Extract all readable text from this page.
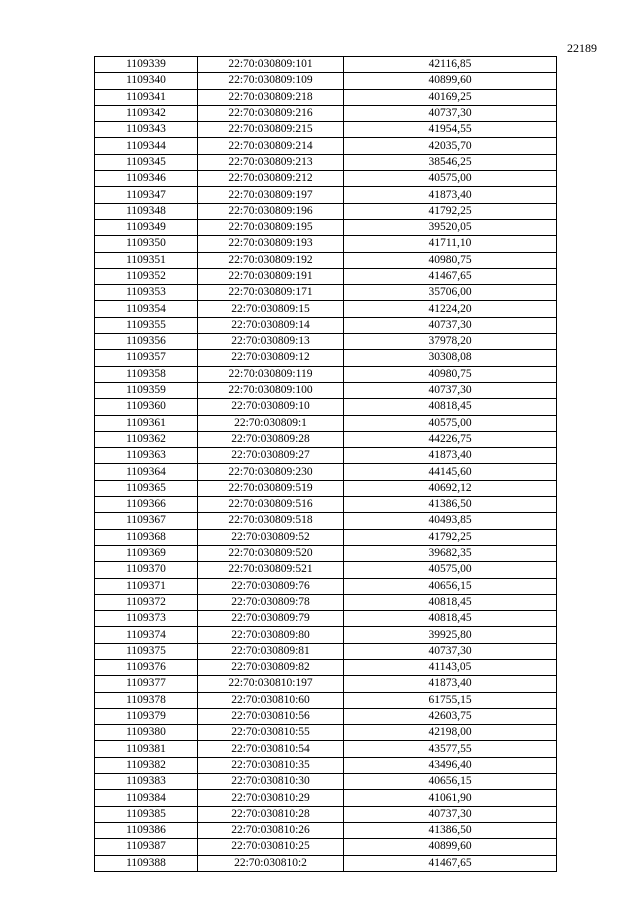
22189
1109339	22:70:030809:101	42116,85
1109340	22:70:030809:109	40899,60
1109341	22:70:030809:218	40169,25
1109342	22:70:030809:216	40737,30
1109343	22:70:030809:215	41954,55
1109344	22:70:030809:214	42035,70
1109345	22:70:030809:213	38546,25
1109346	22:70:030809:212	40575,00
1109347	22:70:030809:197	41873,40
1109348	22:70:030809:196	41792,25
1109349	22:70:030809:195	39520,05
1109350	22:70:030809:193	41711,10
1109351	22:70:030809:192	40980,75
1109352	22:70:030809:191	41467,65
1109353	22:70:030809:171	35706,00
1109354	22:70:030809:15	41224,20
1109355	22:70:030809:14	40737,30
1109356	22:70:030809:13	37978,20
1109357	22:70:030809:12	30308,08
1109358	22:70:030809:119	40980,75
1109359	22:70:030809:100	40737,30
1109360	22:70:030809:10	40818,45
1109361	22:70:030809:1	40575,00
1109362	22:70:030809:28	44226,75
1109363	22:70:030809:27	41873,40
1109364	22:70:030809:230	44145,60
1109365	22:70:030809:519	40692,12
1109366	22:70:030809:516	41386,50
1109367	22:70:030809:518	40493,85
1109368	22:70:030809:52	41792,25
1109369	22:70:030809:520	39682,35
1109370	22:70:030809:521	40575,00
1109371	22:70:030809:76	40656,15
1109372	22:70:030809:78	40818,45
1109373	22:70:030809:79	40818,45
1109374	22:70:030809:80	39925,80
1109375	22:70:030809:81	40737,30
1109376	22:70:030809:82	41143,05
1109377	22:70:030810:197	41873,40
1109378	22:70:030810:60	61755,15
1109379	22:70:030810:56	42603,75
1109380	22:70:030810:55	42198,00
1109381	22:70:030810:54	43577,55
1109382	22:70:030810:35	43496,40
1109383	22:70:030810:30	40656,15
1109384	22:70:030810:29	41061,90
1109385	22:70:030810:28	40737,30
1109386	22:70:030810:26	41386,50
1109387	22:70:030810:25	40899,60
1109388	22:70:030810:2	41467,65
